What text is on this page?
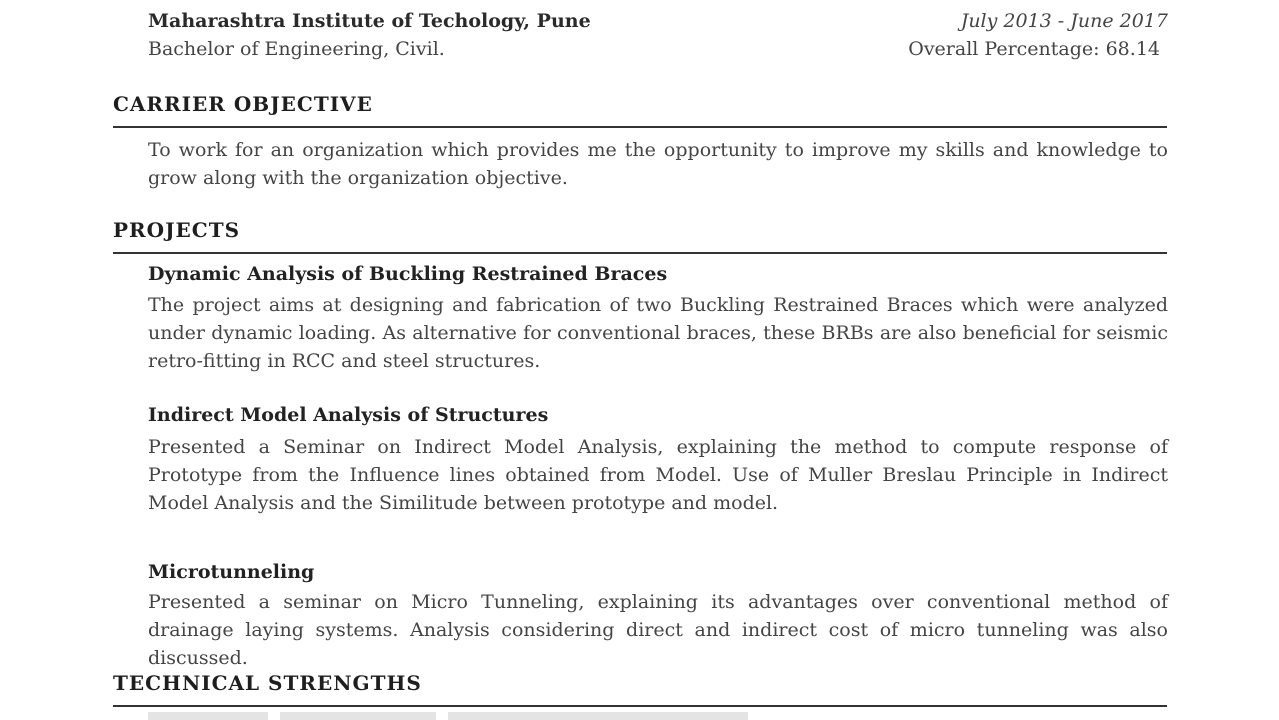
Maharashtra Institute of Techology, Pune	July 2013 - June 2017
Bachelor of Engineering, Civil.	Overall Percentage: 68.14
CARRIER OBJECTIVE
To work for an organization which provides me the opportunity to improve my skills and knowledge to grow along with the organization objective.
PROJECTS
Dynamic Analysis of Buckling Restrained Braces
The project aims at designing and fabrication of two Buckling Restrained Braces which were analyzed under dynamic loading. As alternative for conventional braces, these BRBs are also beneficial for seismic retro-fitting in RCC and steel structures.
Indirect Model Analysis of Structures
Presented a Seminar on Indirect Model Analysis, explaining the method to compute response of Prototype from the Influence lines obtained from Model. Use of Muller Breslau Principle in Indirect Model Analysis and the Similitude between prototype and model.
Microtunneling
Presented a seminar on Micro Tunneling, explaining its advantages over conventional method of drainage laying systems. Analysis considering direct and indirect cost of micro tunneling was also discussed.
TECHNICAL STRENGTHS
